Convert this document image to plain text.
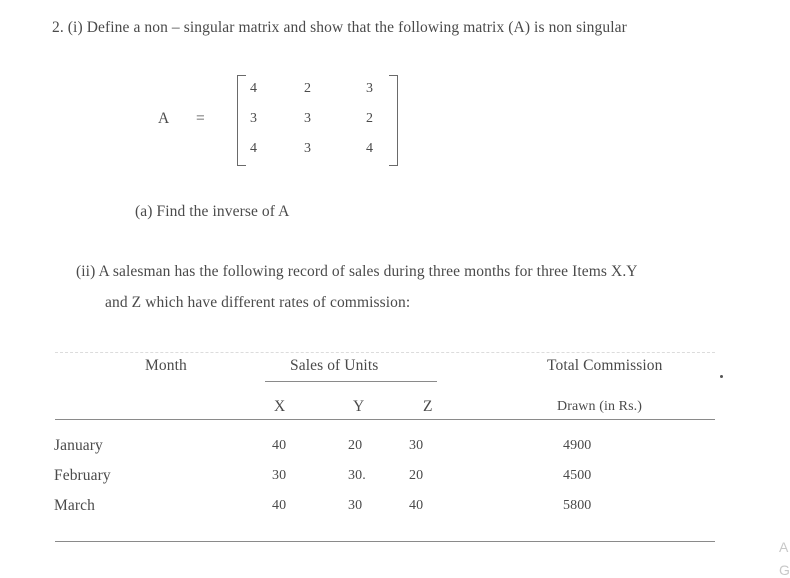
2. (i) Define a non – singular matrix and show that the following matrix (A) is non singular
A =
4	2	3
3	3	2
4	3	4
(a) Find the inverse of A
(ii) A salesman has the following record of sales during three months for three Items X.Y
and Z which have different rates of commission:
Month	Sales of Units	Total Commission
X	Y	Z	Drawn (in Rs.)
January	40	20	30	4900
February	30	30.	20	4500
March	40	30	40	5800
A
G
